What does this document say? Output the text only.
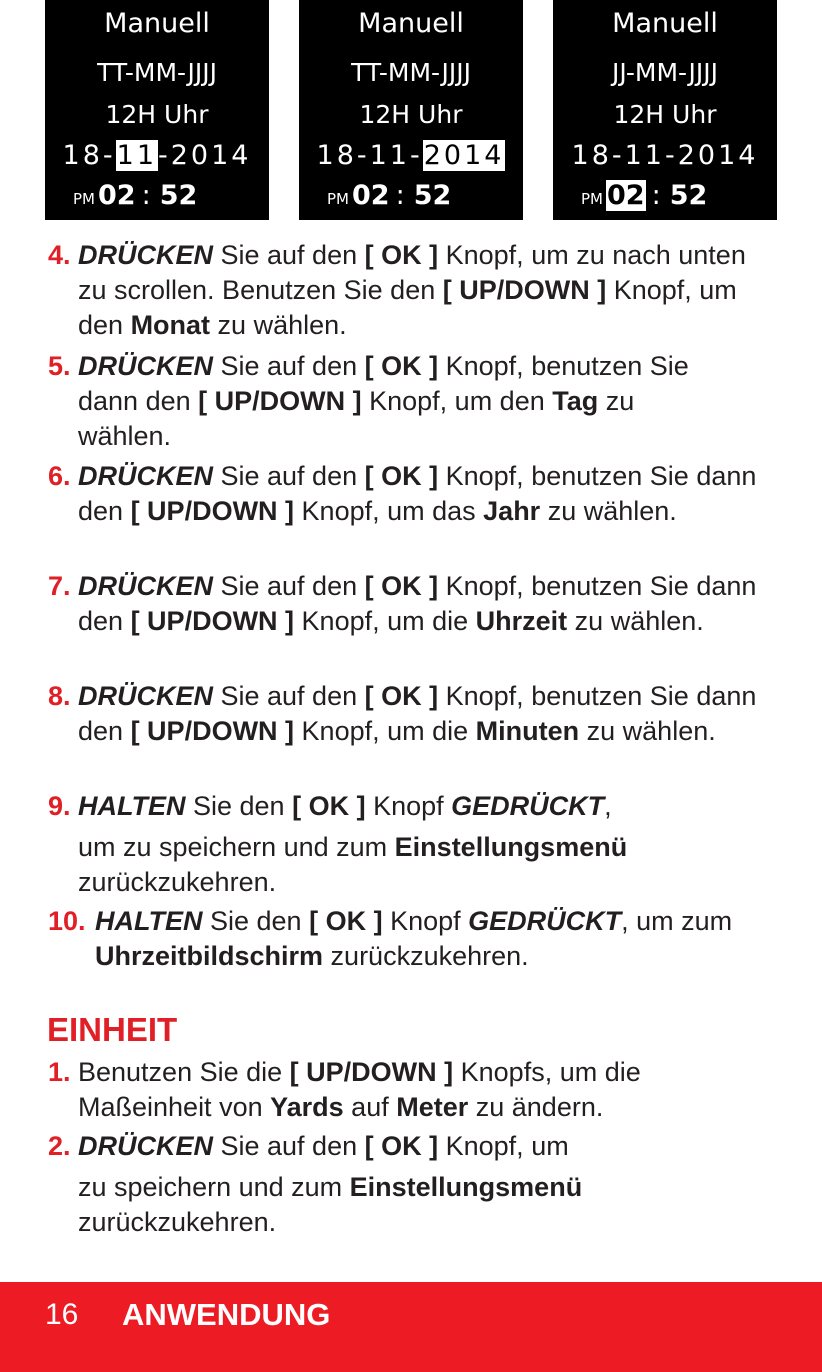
Manuell
TT-MM-JJJJ
12H Uhr
18-11-2014
PM 02 : 52
Manuell
TT-MM-JJJJ
12H Uhr
18-11-2014
PM 02 : 52
Manuell
JJ-MM-JJJJ
12H Uhr
18-11-2014
PM 02 : 52
4. DRÜCKEN Sie auf den [ OK ] Knopf, um zu nach unten zu scrollen. Benutzen Sie den [ UP/DOWN ] Knopf, um den Monat zu wählen.
5. DRÜCKEN Sie auf den [ OK ] Knopf, benutzen Sie dann den [ UP/DOWN ] Knopf, um den Tag zu wählen.
6. DRÜCKEN Sie auf den [ OK ] Knopf, benutzen Sie dann den [ UP/DOWN ] Knopf, um das Jahr zu wählen.
7. DRÜCKEN Sie auf den [ OK ] Knopf, benutzen Sie dann den [ UP/DOWN ] Knopf, um die Uhrzeit zu wählen.
8. DRÜCKEN Sie auf den [ OK ] Knopf, benutzen Sie dann den [ UP/DOWN ] Knopf, um die Minuten zu wählen.
9. HALTEN Sie den [ OK ] Knopf GEDRÜCKT,
um zu speichern und zum Einstellungsmenü
zurückzukehren.
10. HALTEN Sie den [ OK ] Knopf GEDRÜCKT, um zum Uhrzeitbildschirm zurückzukehren.
EINHEIT
1. Benutzen Sie die [ UP/DOWN ] Knopfs, um die Maßeinheit von Yards auf Meter zu ändern.
2. DRÜCKEN Sie auf den [ OK ] Knopf, um
zu speichern und zum Einstellungsmenü
zurückzukehren.
16 ANWENDUNG
